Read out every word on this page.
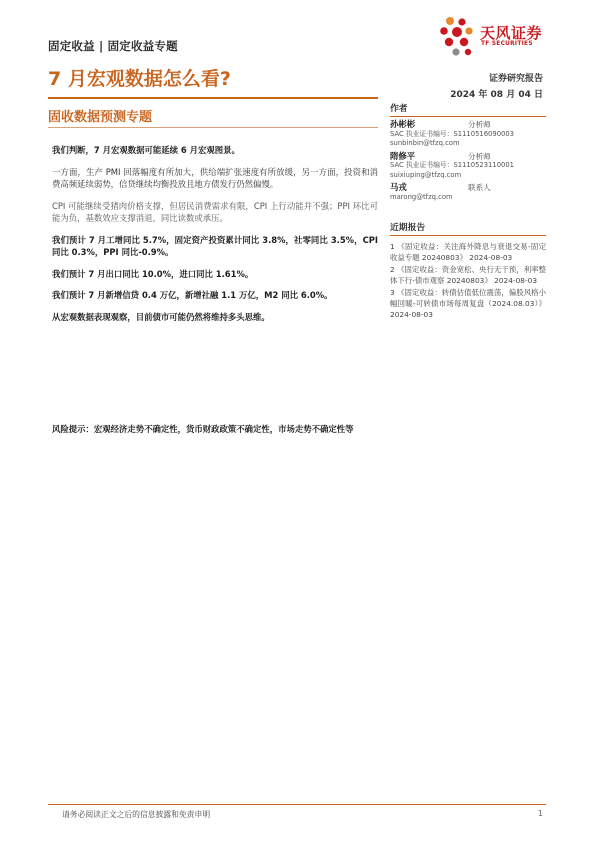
固定收益 | 固定收益专题
天风证券
TF SECURITIES
7 月宏观数据怎么看?	证券研究报告
2024 年 08 月 04 日
固收数据预测专题

我们判断，7 月宏观数据可能延续 6 月宏观图景。

一方面，生产 PMI 回落幅度有所加大，供给端扩张速度有所放缓，另一方面，投资和消费高频延续弱势，信贷继续均衡投放且地方债发行仍然偏慢。

CPI 可能继续受猪肉价格支撑，但居民消费需求有限，CPI 上行动能并不强；PPI 环比可能为负，基数效应支撑消退，同比读数或承压。

我们预计 7 月工增同比 5.7%，固定资产投资累计同比 3.8%，社零同比 3.5%，CPI 同比 0.3%，PPI 同比-0.9%。

我们预计 7 月出口同比 10.0%，进口同比 1.61%。

我们预计 7 月新增信贷 0.4 万亿，新增社融 1.1 万亿，M2 同比 6.0%。

从宏观数据表现观察，目前债市可能仍然将维持多头思维。

风险提示：宏观经济走势不确定性，货币财政政策不确定性，市场走势不确定性等
作者
孙彬彬	分析师
SAC 执业证书编号：S1110516090003
sunbinbin@tfzq.com
隋修平	分析师
SAC 执业证书编号：S1110523110001
suixiuping@tfzq.com
马戎	联系人
marong@tfzq.com
近期报告
1 《固定收益：关注海外降息与衰退交易-固定收益专题 20240803》 2024-08-03
2 《固定收益：资金宽松、央行无干预，利率整体下行-债市观察 20240803》 2024-08-03
3 《固定收益：转债估值低位震荡，偏股风格小幅回暖-可转债市场每周复盘（2024.08.03）》 2024-08-03
请务必阅读正文之后的信息披露和免责申明	1
